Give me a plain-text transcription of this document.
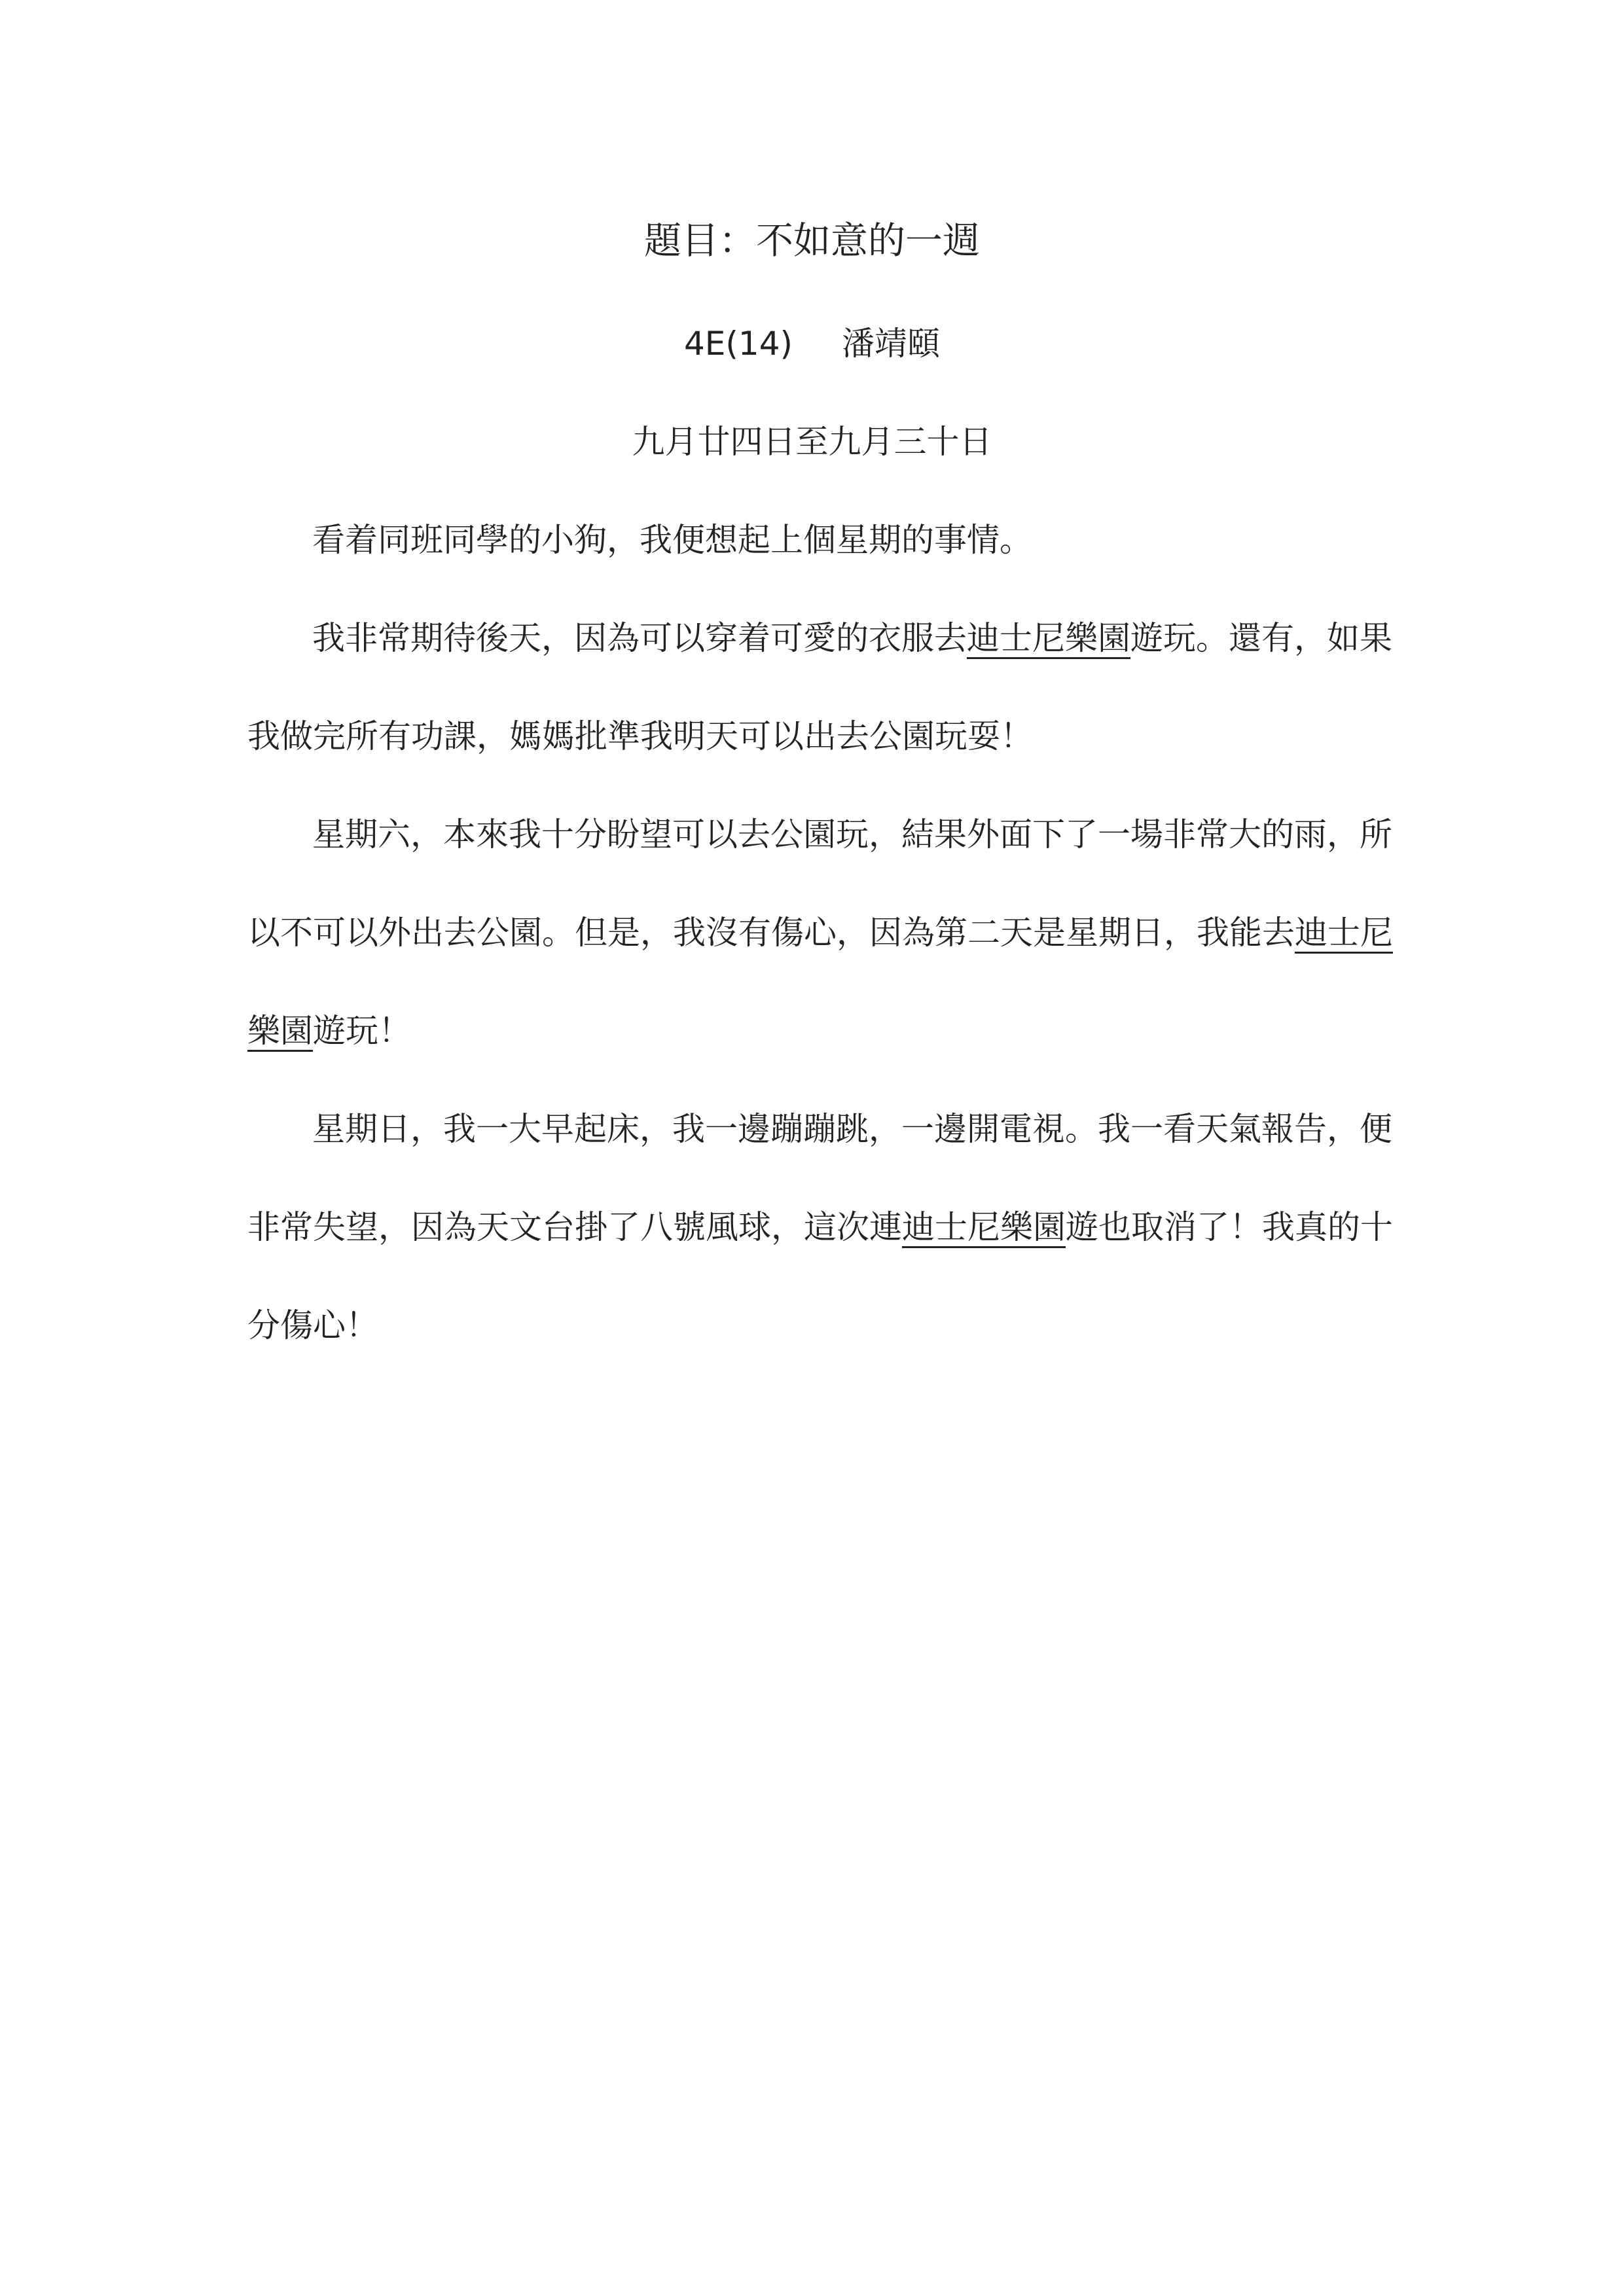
題目：不如意的一週
4E(14) 潘靖頤
九月廿四日至九月三十日
看着同班同學的小狗，我便想起上個星期的事情。
我非常期待後天，因為可以穿着可愛的衣服去迪士尼樂園遊玩。還有，如果
我做完所有功課，媽媽批準我明天可以出去公園玩耍！
星期六，本來我十分盼望可以去公園玩，結果外面下了一場非常大的雨，所
以不可以外出去公園。但是，我沒有傷心，因為第二天是星期日，我能去迪士尼
樂園遊玩！
星期日，我一大早起床，我一邊蹦蹦跳，一邊開電視。我一看天氣報告，便
非常失望，因為天文台掛了八號風球，這次連迪士尼樂園遊也取消了！我真的十
分傷心！
